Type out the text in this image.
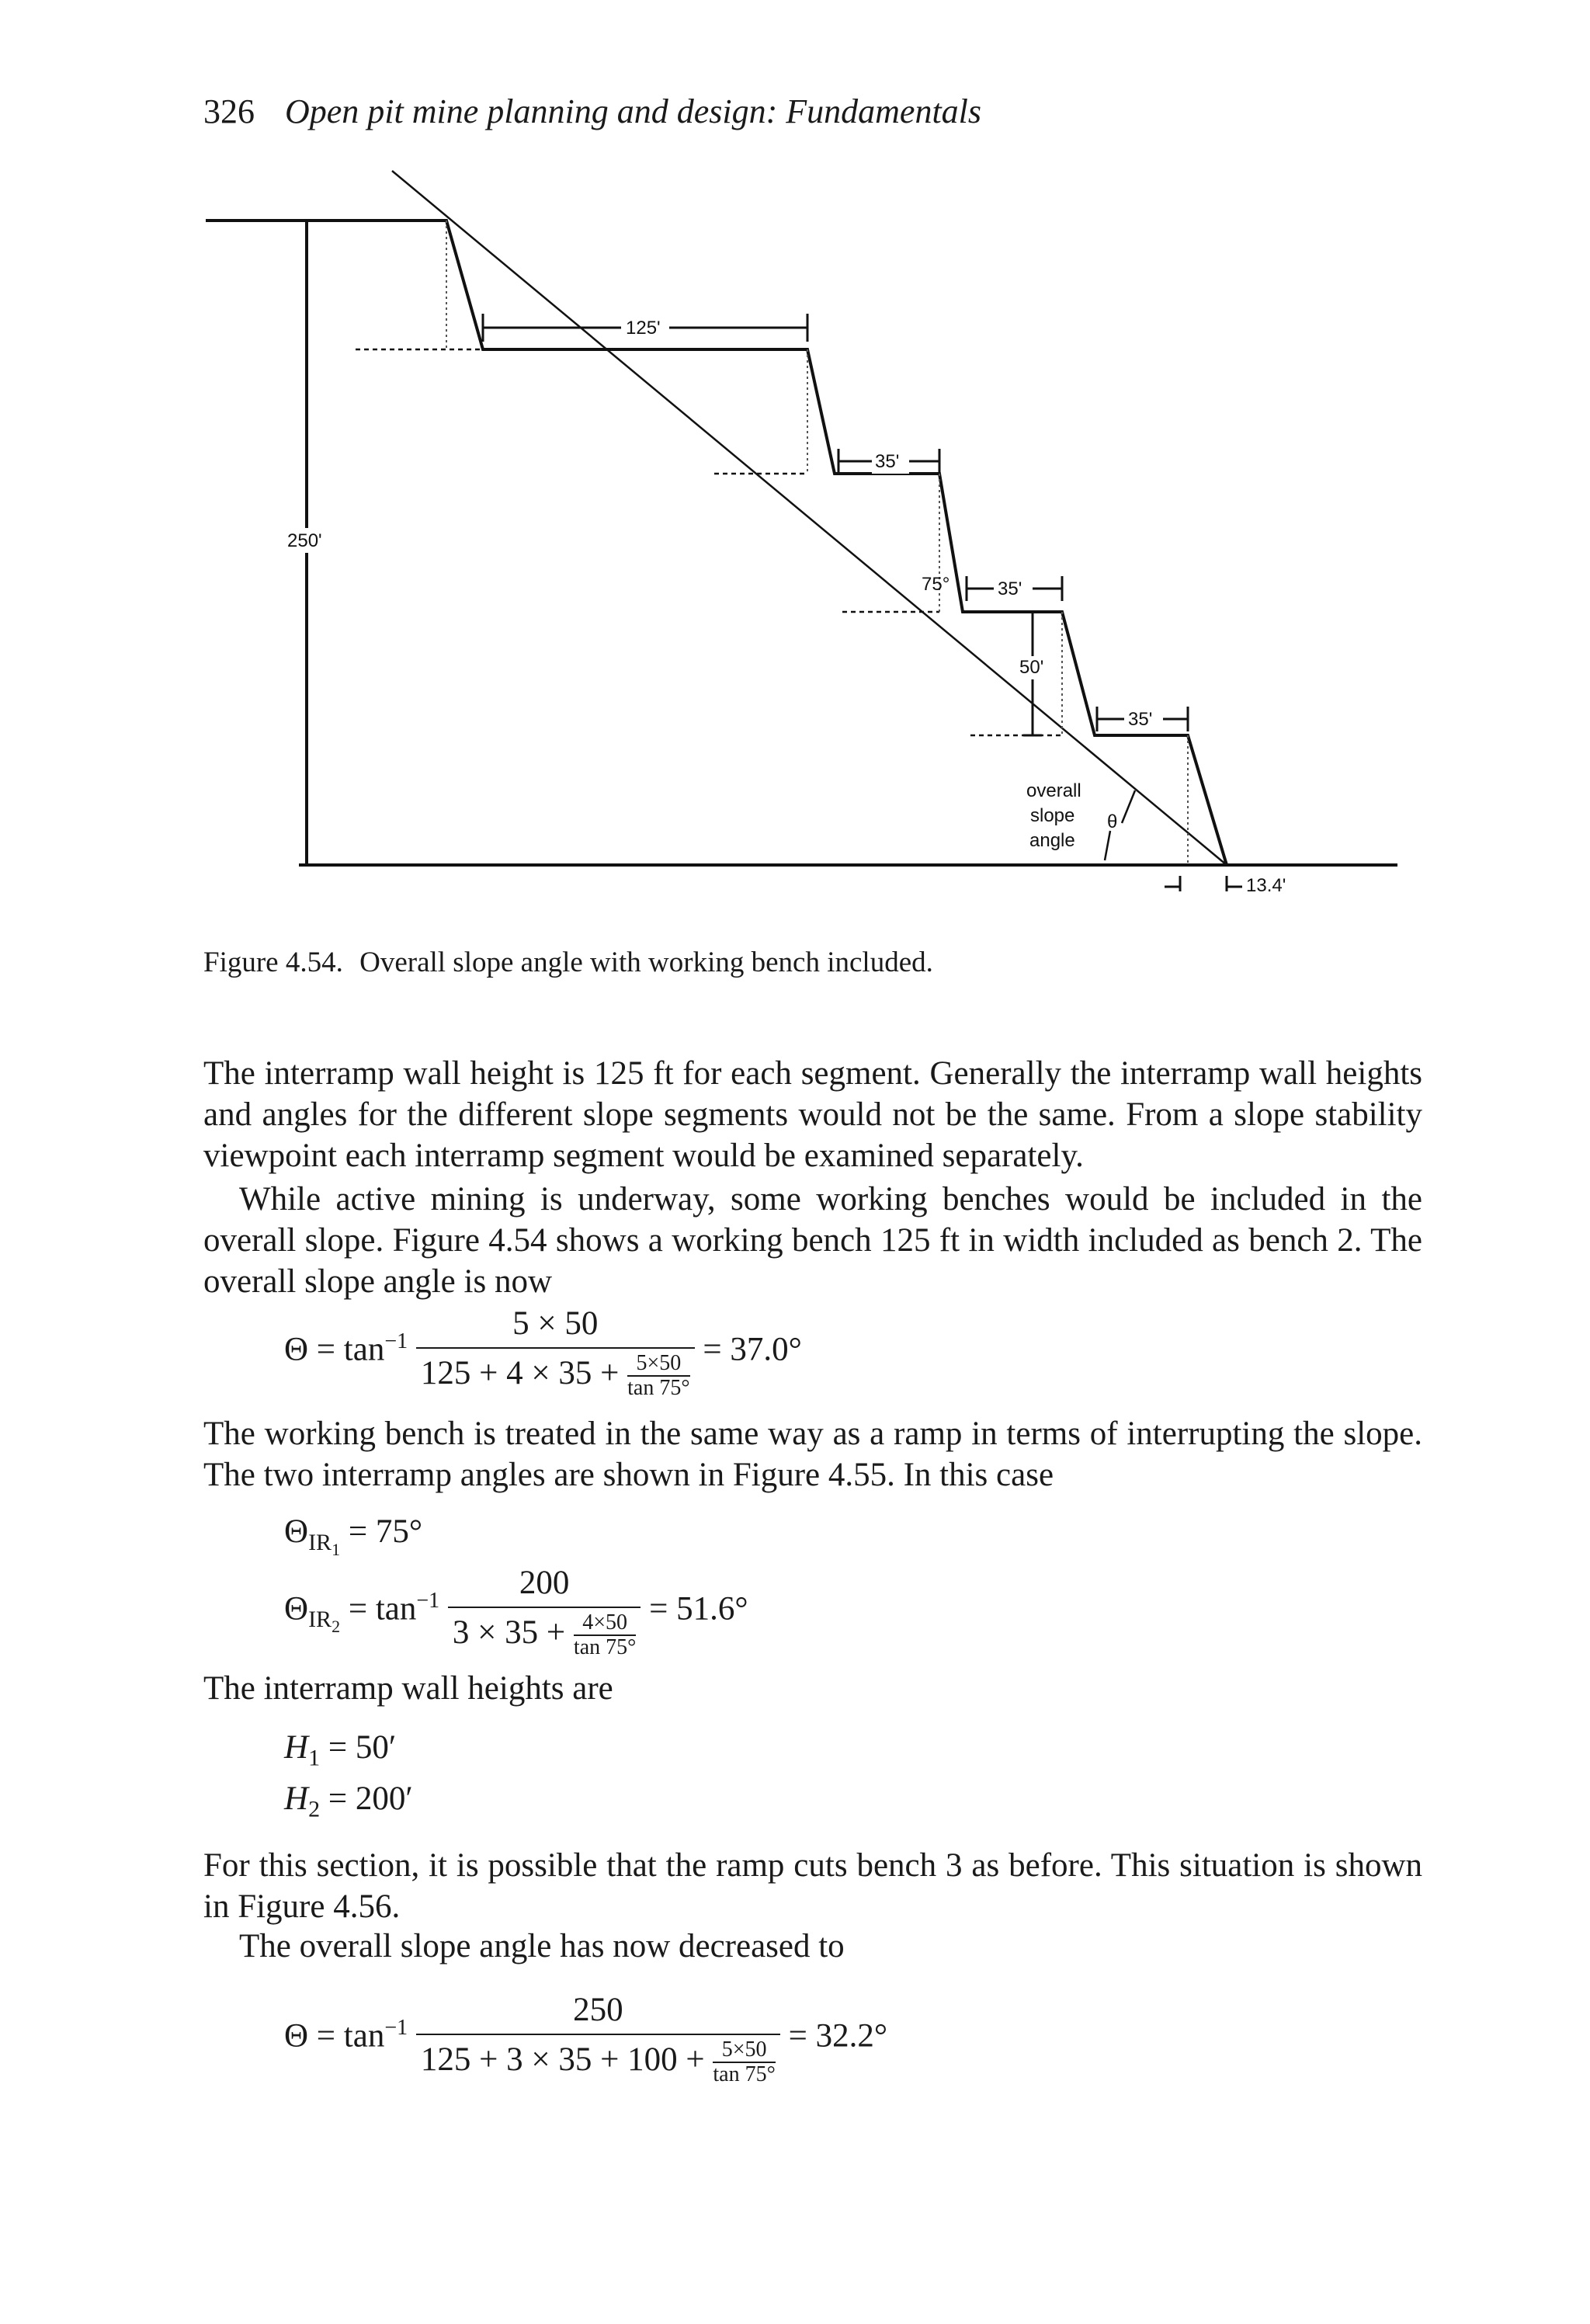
326 Open pit mine planning and design: Fundamentals
125'
35'
35'
35'
250'
50'
75°
overall
slope
angle
θ
13.4'
Figure 4.54. Overall slope angle with working bench included.
The interramp wall height is 125 ft for each segment. Generally the interramp wall heights and angles for the different slope segments would not be the same. From a slope stability viewpoint each interramp segment would be examined separately.
While active mining is underway, some working benches would be included in the overall slope. Figure 4.54 shows a working bench 125 ft in width included as bench 2. The overall slope angle is now
$\Theta = \tan^{-1} \frac{5 \times 50}{125 + 4 \times 35 + \frac{5\times 50}{\tan 75^\circ}} = 37.0^\circ$
The working bench is treated in the same way as a ramp in terms of interrupting the slope. The two interramp angles are shown in Figure 4.55. In this case
$\Theta_{IR_1} = 75^\circ$
$\Theta_{IR_2} = \tan^{-1} \frac{200}{3 \times 35 + \frac{4\times 50}{\tan 75^\circ}} = 51.6^\circ$
The interramp wall heights are
$H_1 = 50'$
$H_2 = 200'$
For this section, it is possible that the ramp cuts bench 3 as before. This situation is shown in Figure 4.56.
The overall slope angle has now decreased to
$\Theta = \tan^{-1} \frac{250}{125 + 3 \times 35 + 100 + \frac{5\times 50}{\tan 75^\circ}} = 32.2^\circ$
